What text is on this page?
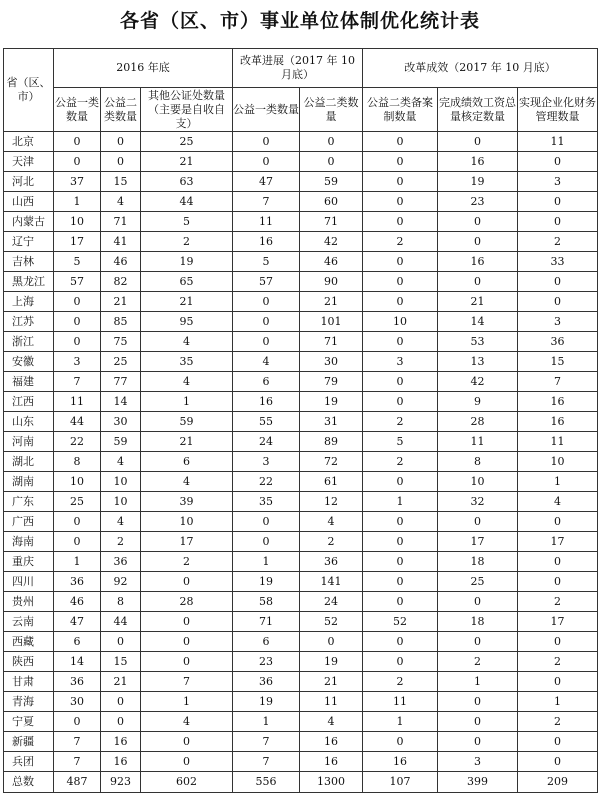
各省（区、市）事业单位体制优化统计表
省（区、市）	2016 年底			改革进展（2017 年 10 月底）		改革成效（2017 年 10 月底）		
	公益一类数量	公益二类数量	其他公证处数量（主要是自收自支）	公益一类数量	公益二类数量	公益二类备案制数量	完成绩效工资总量核定数量	实现企业化财务管理数量
北京	0	0	25	0	0	0	0	11
天津	0	0	21	0	0	0	16	0
河北	37	15	63	47	59	0	19	3
山西	1	4	44	7	60	0	23	0
内蒙古	10	71	5	11	71	0	0	0
辽宁	17	41	2	16	42	2	0	2
吉林	5	46	19	5	46	0	16	33
黑龙江	57	82	65	57	90	0	0	0
上海	0	21	21	0	21	0	21	0
江苏	0	85	95	0	101	10	14	3
浙江	0	75	4	0	71	0	53	36
安徽	3	25	35	4	30	3	13	15
福建	7	77	4	6	79	0	42	7
江西	11	14	1	16	19	0	9	16
山东	44	30	59	55	31	2	28	16
河南	22	59	21	24	89	5	11	11
湖北	8	4	6	3	72	2	8	10
湖南	10	10	4	22	61	0	10	1
广东	25	10	39	35	12	1	32	4
广西	0	4	10	0	4	0	0	0
海南	0	2	17	0	2	0	17	17
重庆	1	36	2	1	36	0	18	0
四川	36	92	0	19	141	0	25	0
贵州	46	8	28	58	24	0	0	2
云南	47	44	0	71	52	52	18	17
西藏	6	0	0	6	0	0	0	0
陕西	14	15	0	23	19	0	2	2
甘肃	36	21	7	36	21	2	1	0
青海	30	0	1	19	11	11	0	1
宁夏	0	0	4	1	4	1	0	2
新疆	7	16	0	7	16	0	0	0
兵团	7	16	0	7	16	16	3	0
总数	487	923	602	556	1300	107	399	209
